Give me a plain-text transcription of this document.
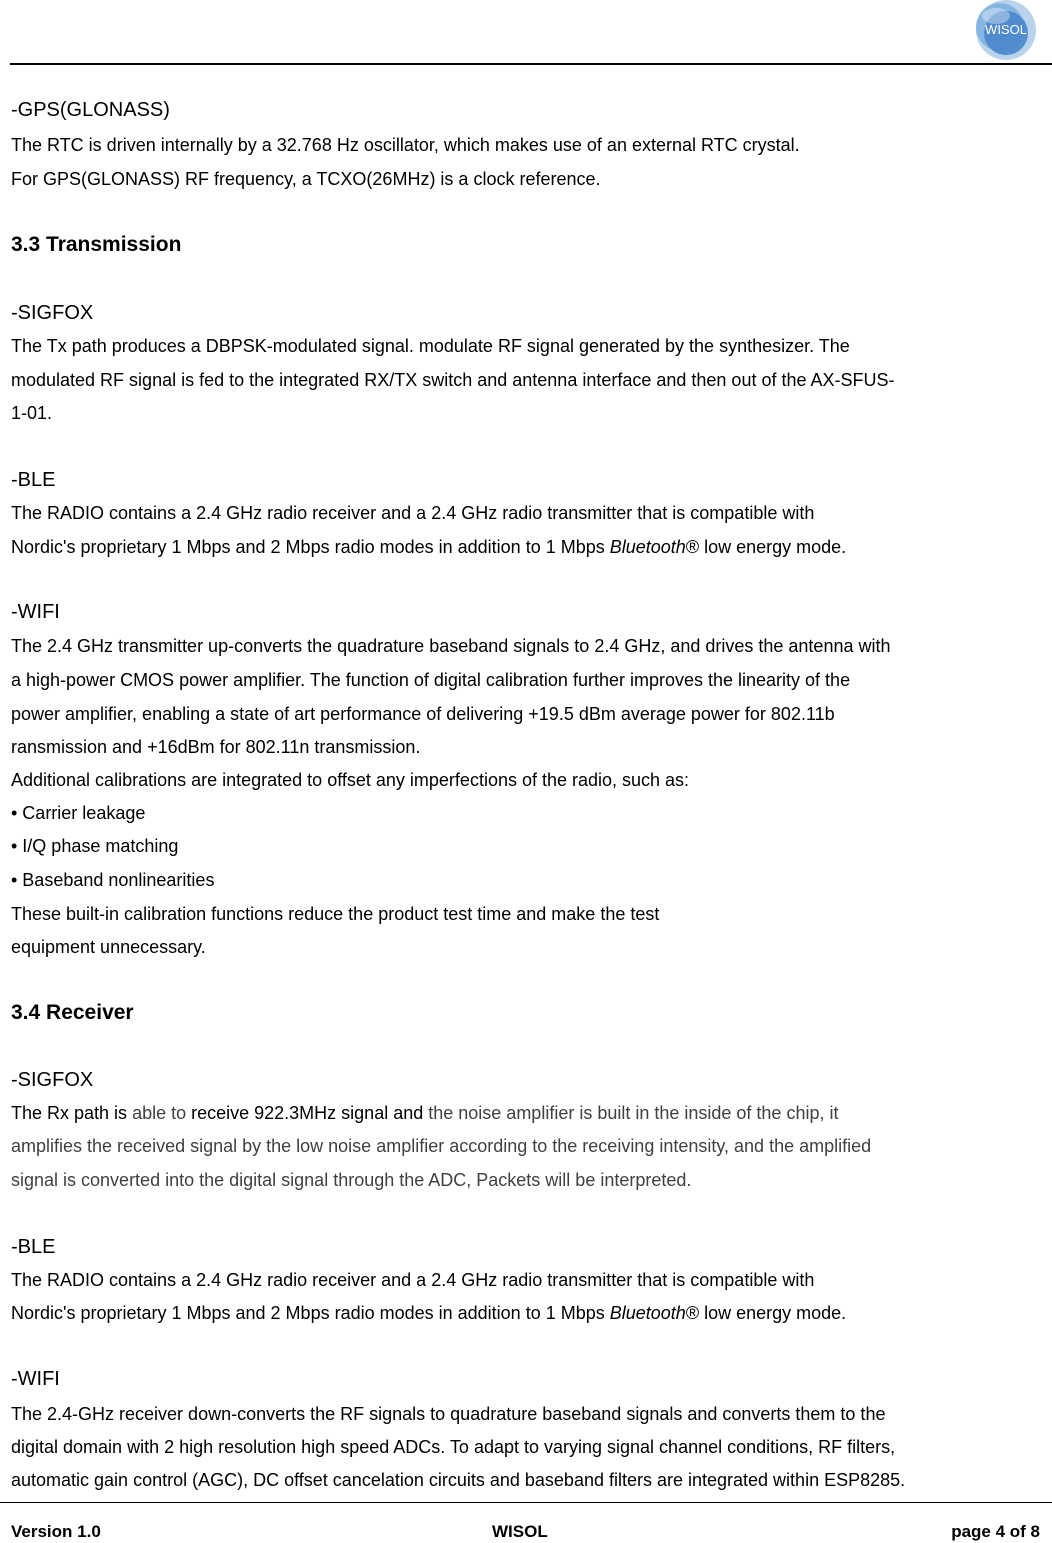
WISOL
-GPS(GLONASS)
The RTC is driven internally by a 32.768 Hz oscillator, which makes use of an external RTC crystal.
For GPS(GLONASS) RF frequency, a TCXO(26MHz) is a clock reference.
3.3 Transmission
-SIGFOX
The Tx path produces a DBPSK-modulated signal. modulate RF signal generated by the synthesizer. The
modulated RF signal is fed to the integrated RX/TX switch and antenna interface and then out of the AX-SFUS-
1-01.
-BLE
The RADIO contains a 2.4 GHz radio receiver and a 2.4 GHz radio transmitter that is compatible with
Nordic's proprietary 1 Mbps and 2 Mbps radio modes in addition to 1 Mbps Bluetooth® low energy mode.
-WIFI
The 2.4 GHz transmitter up-converts the quadrature baseband signals to 2.4 GHz, and drives the antenna with
a high-power CMOS power amplifier. The function of digital calibration further improves the linearity of the
power amplifier, enabling a state of art performance of delivering +19.5 dBm average power for 802.11b
ransmission and +16dBm for 802.11n transmission.
Additional calibrations are integrated to offset any imperfections of the radio, such as:
• Carrier leakage
• I/Q phase matching
• Baseband nonlinearities
These built-in calibration functions reduce the product test time and make the test
equipment unnecessary.
3.4 Receiver
-SIGFOX
The Rx path is able to receive 922.3MHz signal and the noise amplifier is built in the inside of the chip, it
amplifies the received signal by the low noise amplifier according to the receiving intensity, and the amplified
signal is converted into the digital signal through the ADC, Packets will be interpreted.
-BLE
The RADIO contains a 2.4 GHz radio receiver and a 2.4 GHz radio transmitter that is compatible with
Nordic's proprietary 1 Mbps and 2 Mbps radio modes in addition to 1 Mbps Bluetooth® low energy mode.
-WIFI
The 2.4-GHz receiver down-converts the RF signals to quadrature baseband signals and converts them to the
digital domain with 2 high resolution high speed ADCs. To adapt to varying signal channel conditions, RF filters,
automatic gain control (AGC), DC offset cancelation circuits and baseband filters are integrated within ESP8285.
Version 1.0	WISOL	page 4 of 8
